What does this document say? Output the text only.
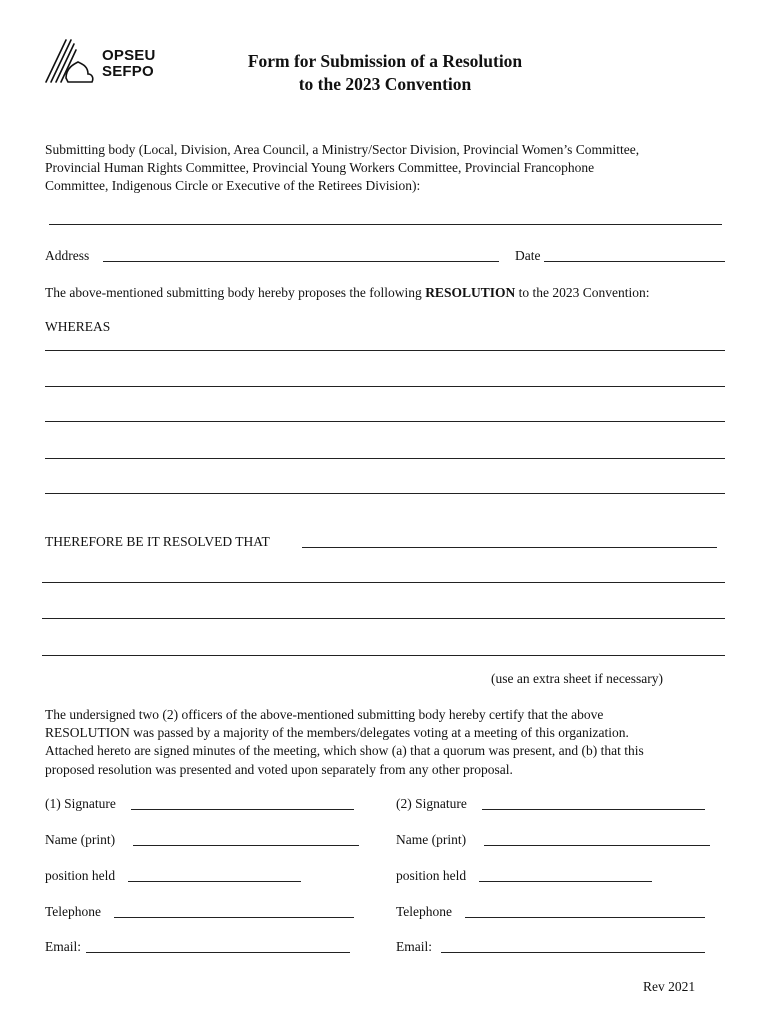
OPSEU
SEFPO
Form for Submission of a Resolution
to the 2023 Convention
Submitting body (Local, Division, Area Council, a Ministry/Sector Division, Provincial Women’s Committee,
Provincial Human Rights Committee, Provincial Young Workers Committee, Provincial Francophone
Committee, Indigenous Circle or Executive of the Retirees Division):
Address	Date
The above-mentioned submitting body hereby proposes the following RESOLUTION to the 2023 Convention:
WHEREAS
THEREFORE BE IT RESOLVED THAT
(use an extra sheet if necessary)
The undersigned two (2) officers of the above-mentioned submitting body hereby certify that the above
RESOLUTION was passed by a majority of the members/delegates voting at a meeting of this organization.
Attached hereto are signed minutes of the meeting, which show (a) that a quorum was present, and (b) that this
proposed resolution was presented and voted upon separately from any other proposal.
(1) Signature
Name (print)
position held
Telephone
Email:
(2) Signature
Name (print)
position held
Telephone
Email:
Rev 2021
